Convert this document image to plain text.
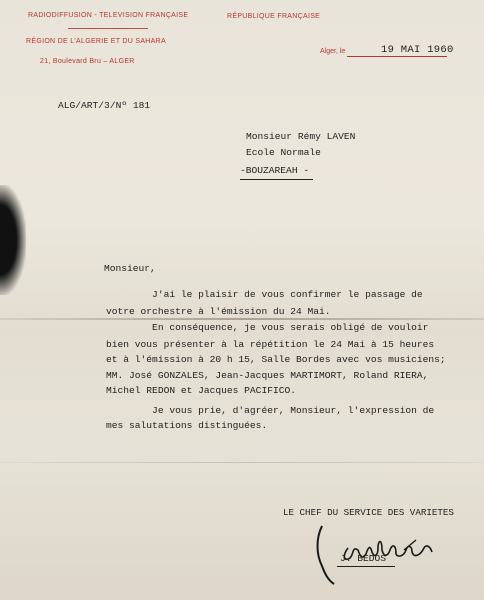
RADIODIFFUSION - TELEVISION FRANÇAISE
RÉGION DE L'ALGERIE ET DU SAHARA
21, Boulevard Bru – ALGER
RÉPUBLIQUE FRANÇAISE
Alger, le	19 MAI 1960
ALG/ART/3/Nº 181
Monsieur Rémy LAVEN
Ecole Normale
-BOUZAREAH -
Monsieur,
J'ai le plaisir de vous confirmer le passage de
votre orchestre à l'émission du 24 Mai.
En conséquence, je vous serais obligé de vouloir
bien vous présenter à la répétition le 24 Mai à 15 heures
et à l'émission à 20 h 15, Salle Bordes avec vos musiciens;
MM. José GONZALES, Jean-Jacques MARTIMORT, Roland RIERA,
Michel REDON et Jacques PACIFICO.
Je vous prie, d'agréer, Monsieur, l'expression de
mes salutations distinguées.
LE CHEF DU SERVICE DES VARIETES
J. BEDOS
